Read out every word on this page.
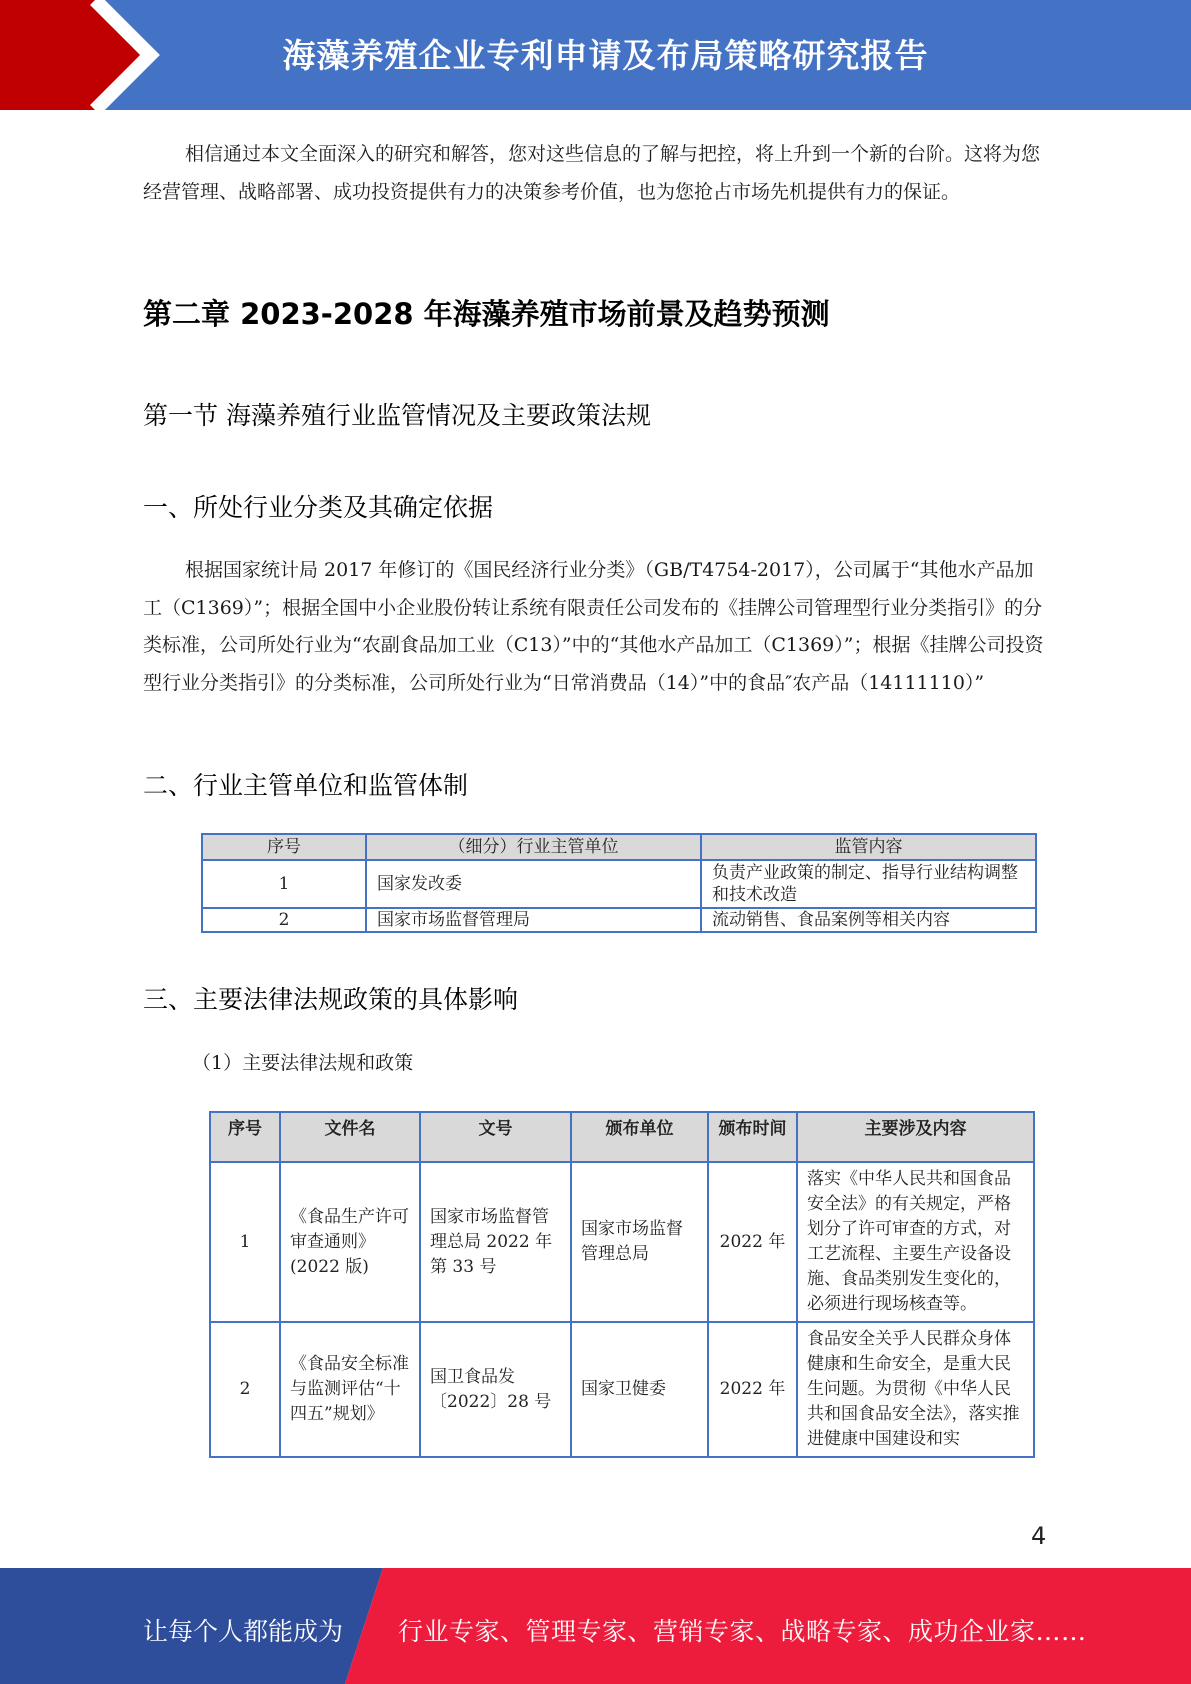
海藻养殖企业专利申请及布局策略研究报告
相信通过本文全面深入的研究和解答，您对这些信息的了解与把控，将上升到一个新的台阶。这将为您经营管理、战略部署、成功投资提供有力的决策参考价值，也为您抢占市场先机提供有力的保证。
第二章 2023-2028 年海藻养殖市场前景及趋势预测
第一节 海藻养殖行业监管情况及主要政策法规
一、所处行业分类及其确定依据
根据国家统计局 2017 年修订的《国民经济行业分类》（GB/T4754-2017），公司属于“其他水产品加工（C1369）”；根据全国中小企业股份转让系统有限责任公司发布的《挂牌公司管理型行业分类指引》的分类标准，公司所处行业为“农副食品加工业（C13）”中的“其他水产品加工（C1369）”；根据《挂牌公司投资型行业分类指引》的分类标准，公司所处行业为“日常消费品（14）”中的食品″农产品（14111110）”
二、行业主管单位和监管体制
序号	（细分）行业主管单位	监管内容
1	国家发改委	负责产业政策的制定、指导行业结构调整和技术改造
2	国家市场监督管理局	流动销售、食品案例等相关内容
三、主要法律法规政策的具体影响
（1）主要法律法规和政策
序号	文件名	文号	颁布单位	颁布时间	主要涉及内容
1	《食品生产许可审查通则》(2022 版)	国家市场监督管理总局 2022 年第 33 号	国家市场监督管理总局	2022 年	落实《中华人民共和国食品安全法》的有关规定，严格划分了许可审查的方式，对工艺流程、主要生产设备设施、食品类别发生变化的，必须进行现场核查等。
2	《食品安全标准与监测评估“十四五”规划》	国卫食品发〔2022〕28 号	国家卫健委	2022 年	食品安全关乎人民群众身体健康和生命安全，是重大民生问题。为贯彻《中华人民共和国食品安全法》，落实推进健康中国建设和实
4
让每个人都能成为 行业专家、管理专家、营销专家、战略专家、成功企业家……
